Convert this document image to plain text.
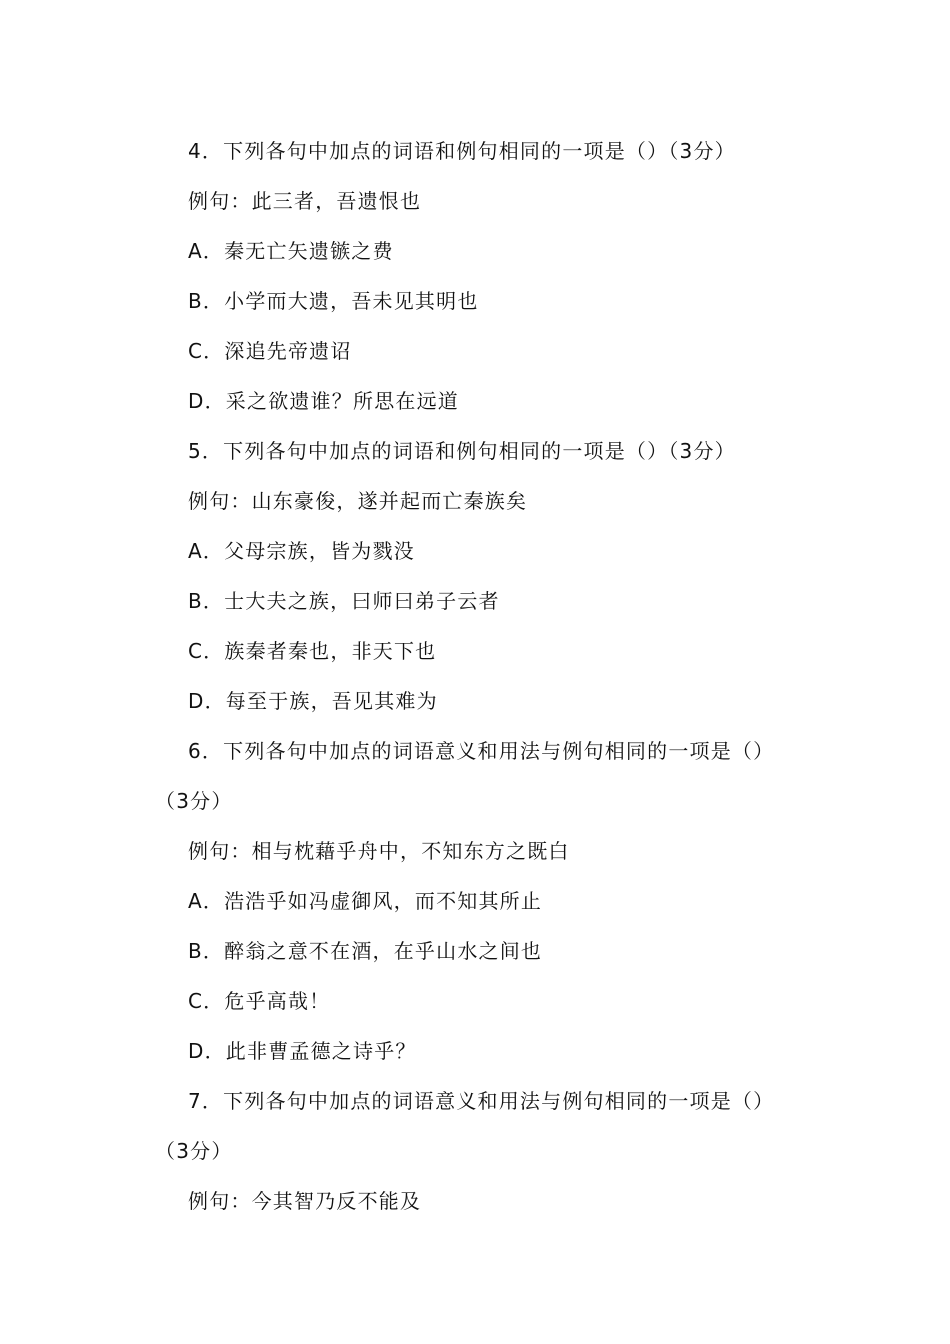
4．下列各句中加点的词语和例句相同的一项是（）（3分）
例句：此三者，吾遗恨也
A．秦无亡矢遗镞之费
B．小学而大遗，吾未见其明也
C．深追先帝遗诏
D．采之欲遗谁？所思在远道
5．下列各句中加点的词语和例句相同的一项是（）（3分）
例句：山东豪俊，遂并起而亡秦族矣
A．父母宗族，皆为戮没
B．士大夫之族，曰师曰弟子云者
C．族秦者秦也，非天下也
D．每至于族，吾见其难为
6．下列各句中加点的词语意义和用法与例句相同的一项是（）
（3分）
例句：相与枕藉乎舟中，不知东方之既白
A．浩浩乎如冯虚御风，而不知其所止
B．醉翁之意不在酒，在乎山水之间也
C．危乎高哉！
D．此非曹孟德之诗乎？
7．下列各句中加点的词语意义和用法与例句相同的一项是（）
（3分）
例句：今其智乃反不能及
